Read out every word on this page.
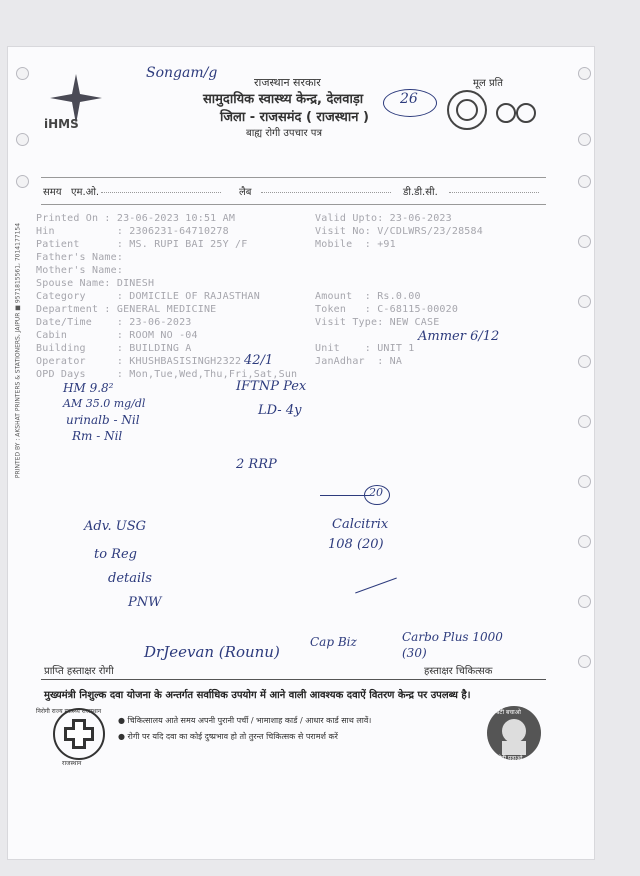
PRINTED BY : AKSHAT PRINTERS & STATIONERS, JAIPUR ■ 9571815561, 7014177154
iHMS
Songam/g
राजस्थान सरकार
सामुदायिक स्वास्थ्य केन्द्र, देलवाड़ा
जिला - राजसमंद ( राजस्थान )
बाह्य रोगी उपचार पत्र
26
मूल प्रति
समय एम.ओ.	लैब	डी.डी.सी.
Printed On : 23-06-2023 10:51 AM	Valid Upto: 23-06-2023
Hin          : 2306231-64710278	Visit No: V/CDLWRS/23/28584
Patient      : MS. RUPI BAI 25Y /F	Mobile  : +91
Father's Name:
Mother's Name:
Spouse Name: DINESH
Category     : DOMICILE OF RAJASTHAN	Amount  : Rs.0.00
Department : GENERAL MEDICINE	Token   : C-68115-00020
Date/Time    : 23-06-2023	Visit Type: NEW CASE
Cabin        : ROOM NO -04
Building     : BUILDING A	Unit    : UNIT 1
Operator     : KHUSHBASISINGH2322	JanAdhar  : NA
OPD Days     : Mon,Tue,Wed,Thu,Fri,Sat,Sun
Ammer 6/12
HM 9.8²
AM 35.0 mg/dl
urinalb - Nil
Rm - Nil
42/1
IFTNP Pex
LD- 4y
2 RRP
20
Calcitrix
108 (20)
Adv. USG
to Reg
details
PNW
DrJeevan (Rounu)
Cap Biz	Carbo Plus 1000 (30)
प्राप्ति हस्ताक्षर रोगी	हस्ताक्षर चिकित्सक
मुख्यमंत्री निशुल्क दवा योजना के अन्तर्गत सर्वाधिक उपयोग में आने वाली आवश्यक दवाऐं वितरण केन्द्र पर उपलब्ध है।
निरोगी राज्य स्वास्थ्य राजस्थान
राजस्थान
● चिकित्सालय आते समय अपनी पुरानी पर्ची / भामाशाह कार्ड / आधार कार्ड साथ लावें।
● रोगी पर यदि दवा का कोई दुष्प्रभाव हो तो तुरन्त चिकित्सक से परामर्श करें
बेटी बचाओ
बेटी पढ़ाओ
